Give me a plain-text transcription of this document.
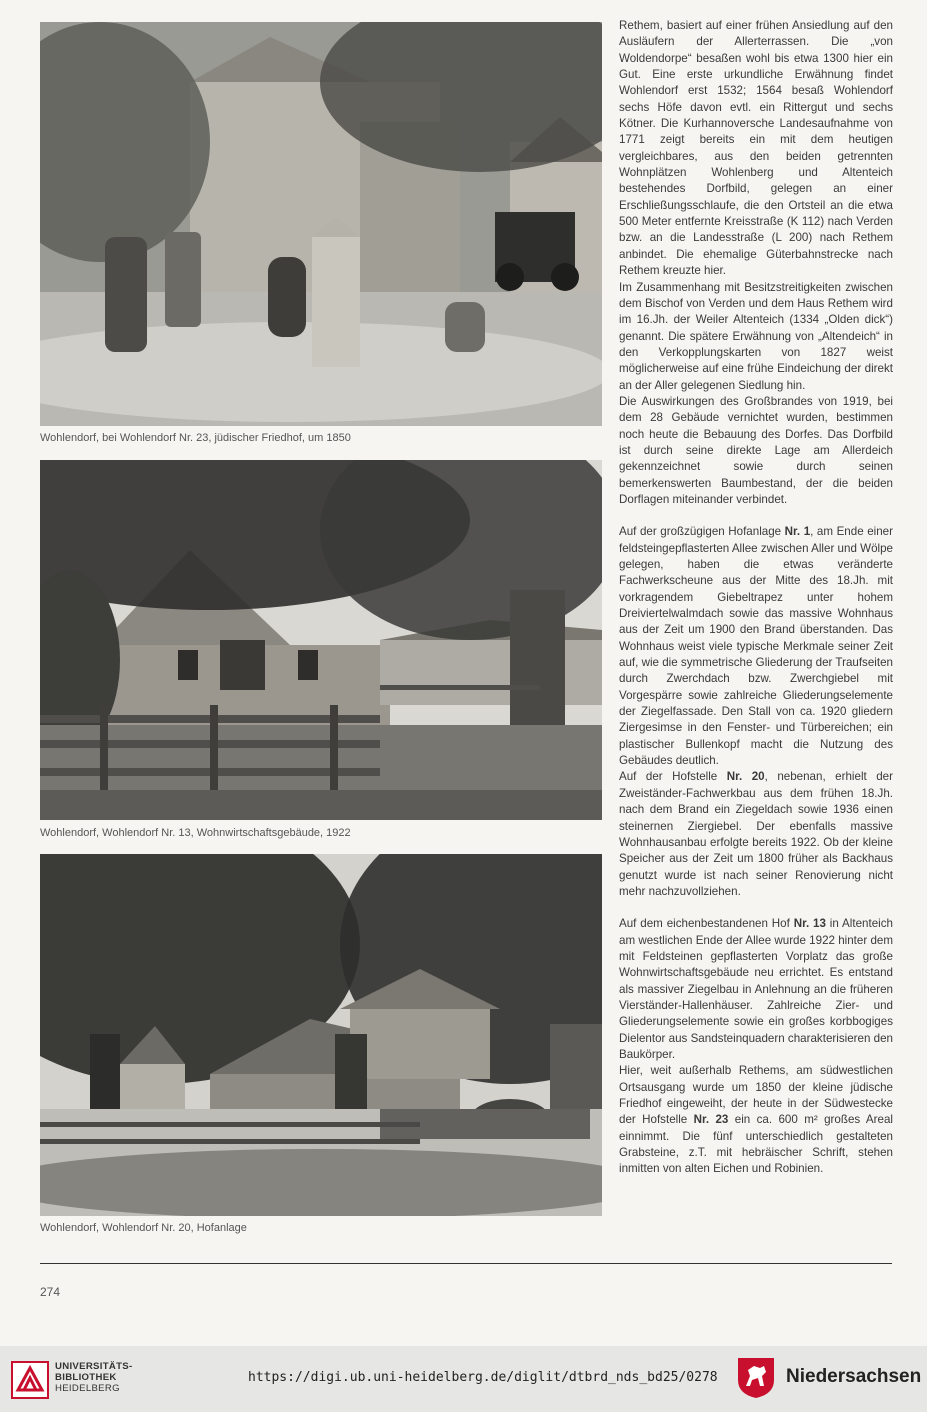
Wohlendorf, bei Wohlendorf Nr. 23, jüdischer Friedhof, um 1850
Wohlendorf, Wohlendorf Nr. 13, Wohnwirtschaftsgebäude, 1922
Wohlendorf, Wohlendorf Nr. 20, Hofanlage

Rethem, basiert auf einer frühen Ansiedlung auf den Ausläufern der Allerterrassen. Die „von Woldendorpe“ besaßen wohl bis etwa 1300 hier ein Gut. Eine erste urkundliche Erwähnung findet Wohlendorf erst 1532; 1564 besaß Wohlendorf sechs Höfe davon evtl. ein Rittergut und sechs Kötner. Die Kurhannoversche Landesaufnahme von 1771 zeigt bereits ein mit dem heutigen vergleichbares, aus den beiden getrennten Wohnplätzen Wohlenberg und Altenteich bestehendes Dorfbild, gelegen an einer Erschließungsschlaufe, die den Ortsteil an die etwa 500 Meter entfernte Kreisstraße (K 112) nach Verden bzw. an die Landesstraße (L 200) nach Rethem anbindet. Die ehemalige Güterbahnstrecke nach Rethem kreuzte hier.

Im Zusammenhang mit Besitzstreitigkeiten zwischen dem Bischof von Verden und dem Haus Rethem wird im 16.Jh. der Weiler Altenteich (1334 „Olden dick“) genannt. Die spätere Erwähnung von „Altendeich“ in den Verkopplungskarten von 1827 weist möglicherweise auf eine frühe Eindeichung der direkt an der Aller gelegenen Siedlung hin.

Die Auswirkungen des Großbrandes von 1919, bei dem 28 Gebäude vernichtet wurden, bestimmen noch heute die Bebauung des Dorfes. Das Dorfbild ist durch seine direkte Lage am Allerdeich gekennzeichnet sowie durch seinen bemerkenswerten Baumbestand, der die beiden Dorflagen miteinander verbindet.

Auf der großzügigen Hofanlage Nr. 1, am Ende einer feldsteingepflasterten Allee zwischen Aller und Wölpe gelegen, haben die etwas veränderte Fachwerkscheune aus der Mitte des 18.Jh. mit vorkragendem Giebeltrapez unter hohem Dreiviertelwalmdach sowie das massive Wohnhaus aus der Zeit um 1900 den Brand überstanden. Das Wohnhaus weist viele typische Merkmale seiner Zeit auf, wie die symmetrische Gliederung der Traufseiten durch Zwerchdach bzw. Zwerchgiebel mit Vorgespärre sowie zahlreiche Gliederungselemente der Ziegelfassade. Den Stall von ca. 1920 gliedern Ziergesimse in den Fenster- und Türbereichen; ein plastischer Bullenkopf macht die Nutzung des Gebäudes deutlich.

Auf der Hofstelle Nr. 20, nebenan, erhielt der Zweiständer-Fachwerkbau aus dem frühen 18.Jh. nach dem Brand ein Ziegeldach sowie 1936 einen steinernen Ziergiebel. Der ebenfalls massive Wohnhausanbau erfolgte bereits 1922. Ob der kleine Speicher aus der Zeit um 1800 früher als Backhaus genutzt wurde ist nach seiner Renovierung nicht mehr nachzuvollziehen.

Auf dem eichenbestandenen Hof Nr. 13 in Altenteich am westlichen Ende der Allee wurde 1922 hinter dem mit Feldsteinen gepflasterten Vorplatz das große Wohnwirtschaftsgebäude neu errichtet. Es entstand als massiver Ziegelbau in Anlehnung an die früheren Vierständer-Hallenhäuser. Zahlreiche Zier- und Gliederungselemente sowie ein großes korbbogiges Dielentor aus Sandsteinquadern charakterisieren den Baukörper.

Hier, weit außerhalb Rethems, am südwestlichen Ortsausgang wurde um 1850 der kleine jüdische Friedhof eingeweiht, der heute in der Südwestecke der Hofstelle Nr. 23 ein ca. 600 m² großes Areal einnimmt. Die fünf unterschiedlich gestalteten Grabsteine, z.T. mit hebräischer Schrift, stehen inmitten von alten Eichen und Robinien.

274
UNIVERSITÄTS-
BIBLIOTHEK
HEIDELBERG
https://digi.ub.uni-heidelberg.de/diglit/dtbrd_nds_bd25/0278	Niedersachsen
